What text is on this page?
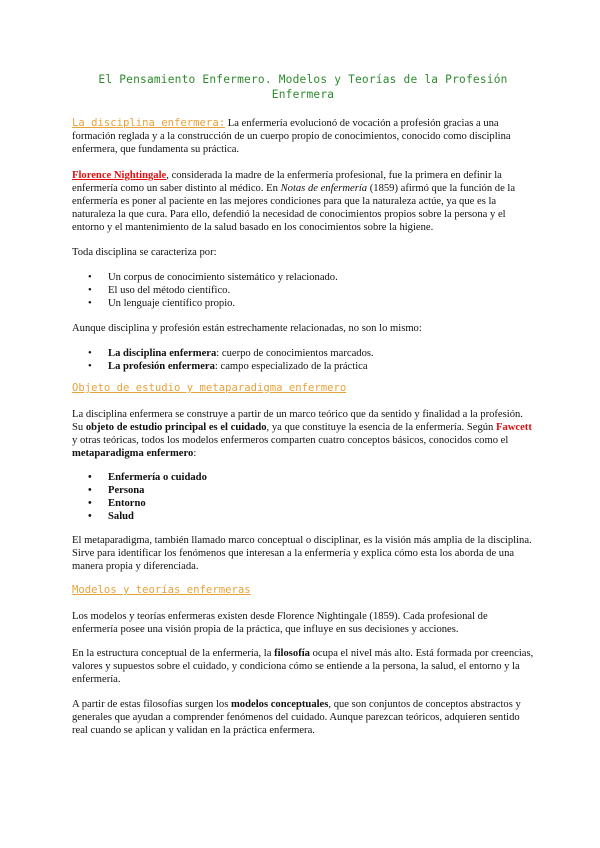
El Pensamiento Enfermero. Modelos y Teorías de la Profesión Enfermera
La disciplina enfermera: La enfermería evolucionó de vocación a profesión gracias a una formación reglada y a la construcción de un cuerpo propio de conocimientos, conocido como disciplina enfermera, que fundamenta su práctica.
Florence Nightingale, considerada la madre de la enfermería profesional, fue la primera en definir la enfermería como un saber distinto al médico. En Notas de enfermería (1859) afirmó que la función de la enfermería es poner al paciente en las mejores condiciones para que la naturaleza actúe, ya que es la naturaleza la que cura. Para ello, defendió la necesidad de conocimientos propios sobre la persona y el entorno y el mantenimiento de la salud basado en los conocimientos sobre la higiene.
Toda disciplina se caracteriza por:
• Un corpus de conocimiento sistemático y relacionado.
• El uso del método científico.
• Un lenguaje científico propio.
Aunque disciplina y profesión están estrechamente relacionadas, no son lo mismo:
• La disciplina enfermera: cuerpo de conocimientos marcados.
• La profesión enfermera: campo especializado de la práctica
Objeto de estudio y metaparadigma enfermero
La disciplina enfermera se construye a partir de un marco teórico que da sentido y finalidad a la profesión. Su objeto de estudio principal es el cuidado, ya que constituye la esencia de la enfermería. Según Fawcett y otras teóricas, todos los modelos enfermeros comparten cuatro conceptos básicos, conocidos como el metaparadigma enfermero:
• Enfermería o cuidado
• Persona
• Entorno
• Salud
El metaparadigma, también llamado marco conceptual o disciplinar, es la visión más amplia de la disciplina. Sirve para identificar los fenómenos que interesan a la enfermería y explica cómo esta los aborda de una manera propia y diferenciada.
Modelos y teorías enfermeras
Los modelos y teorías enfermeras existen desde Florence Nightingale (1859). Cada profesional de enfermería posee una visión propia de la práctica, que influye en sus decisiones y acciones.
En la estructura conceptual de la enfermería, la filosofía ocupa el nivel más alto. Está formada por creencias, valores y supuestos sobre el cuidado, y condiciona cómo se entiende a la persona, la salud, el entorno y la enfermería.
A partir de estas filosofías surgen los modelos conceptuales, que son conjuntos de conceptos abstractos y generales que ayudan a comprender fenómenos del cuidado. Aunque parezcan teóricos, adquieren sentido real cuando se aplican y validan en la práctica enfermera.
